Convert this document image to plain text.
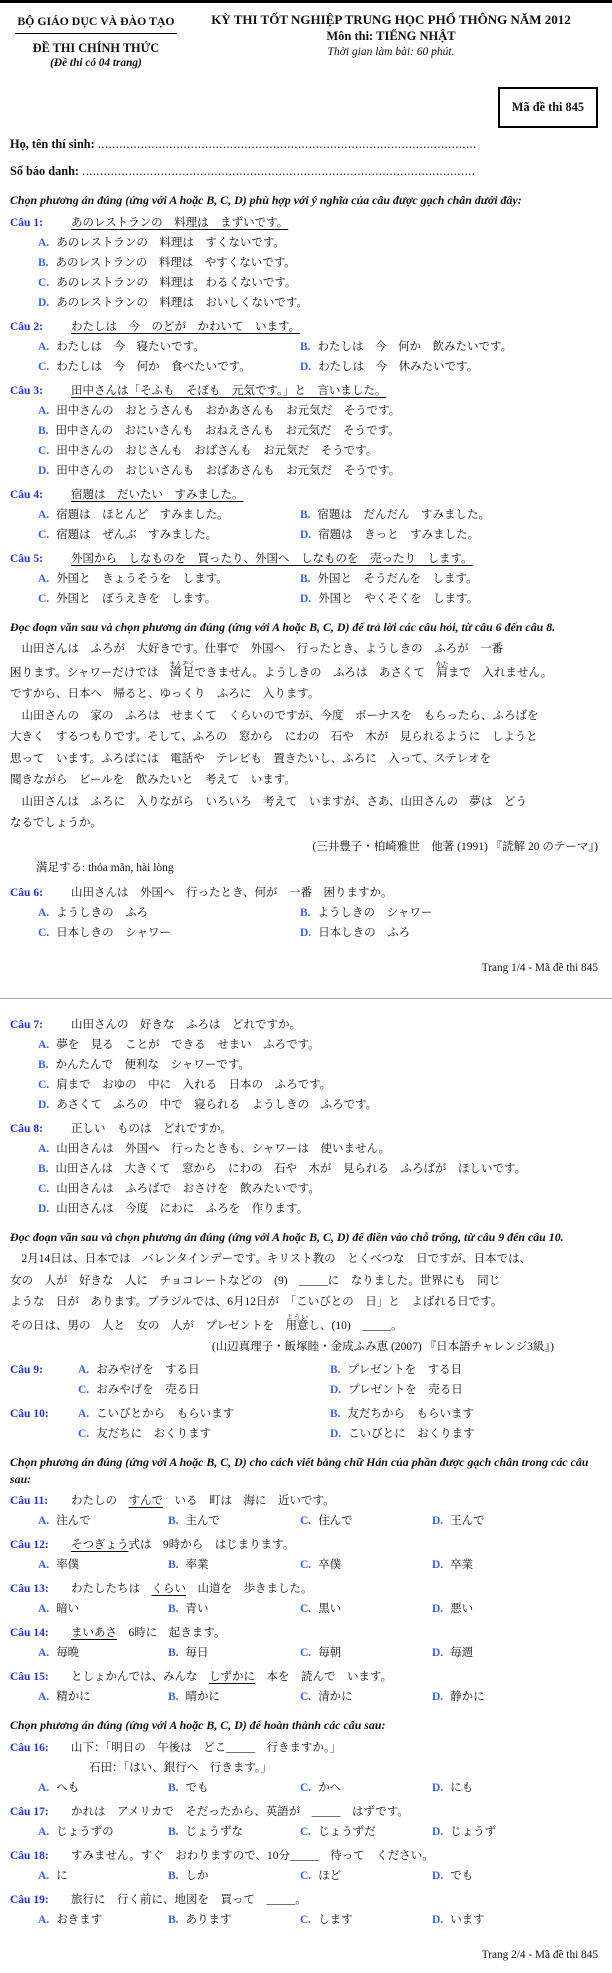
BỘ GIÁO DỤC VÀ ĐÀO TẠO
ĐỀ THI CHÍNH THỨC
(Đề thi có 04 trang)
KỲ THI TỐT NGHIỆP TRUNG HỌC PHỔ THÔNG NĂM 2012
Môn thi: TIẾNG NHẬT
Thời gian làm bài: 60 phút.
Mã đề thi 845
Họ, tên thí sinh: ..........................................................................................................
Số báo danh: ..............................................................................................................
Chọn phương án đúng (ứng với A hoặc B, C, D) phù hợp với ý nghĩa của câu được gạch chân dưới đây:
Câu 1: あのレストランの　料理は　まずいです。
A. あのレストランの　料理は　すくないです。
B. あのレストランの　料理は　やすくないです。
C. あのレストランの　料理は　わるくないです。
D. あのレストランの　料理は　おいしくないです。
Câu 2: わたしは　今　のどが　かわいて　います。
A. わたしは　今　寝たいです。	B. わたしは　今　何か　飲みたいです。
C. わたしは　今　何か　食べたいです。	D. わたしは　今　休みたいです。
Câu 3: 田中さんは「そふも　そぼも　元気です。」と　言いました。
A. 田中さんの　おとうさんも　おかあさんも　お元気だ　そうです。
B. 田中さんの　おにいさんも　おねえさんも　お元気だ　そうです。
C. 田中さんの　おじさんも　おばさんも　お元気だ　そうです。
D. 田中さんの　おじいさんも　おばあさんも　お元気だ　そうです。
Câu 4: 宿題は　だいたい　すみました。
A. 宿題は　ほとんど　すみました。	B. 宿題は　だんだん　すみました。
C. 宿題は　ぜんぶ　すみました。	D. 宿題は　きっと　すみました。
Câu 5: 外国から　しなものを　買ったり、外国へ　しなものを　売ったり　します。
A. 外国と　きょうそうを　します。	B. 外国と　そうだんを　します。
C. 外国と　ぼうえきを　します。	D. 外国と　やくそくを　します。
Đọc đoạn văn sau và chọn phương án đúng (ứng với A hoặc B, C, D) để trả lời các câu hỏi, từ câu 6 đến câu 8.
　山田さんは　ふろが　大好きです。仕事で　外国へ　行ったとき、ようしきの　ふろが　一番
困ります。シャワーだけでは　満足まんぞくできません。ようしきの　ふろは　あさくて　肩かたまで　入れません。
ですから、日本へ　帰ると、ゆっくり　ふろに　入ります。
　山田さんの　家の　ふろは　せまくて　くらいのですが、今度　ボーナスを　もらったら、ふろばを
大きく　するつもりです。そして、ふろの　窓から　にわの　石や　木が　見られるように　しようと
思って　います。ふろばには　電話や　テレビも　置きたいし、ふろに　入って、ステレオを
聞きながら　ビールを　飲みたいと　考えて　います。
　山田さんは　ふろに　入りながら　いろいろ　考えて　いますが、さあ、山田さんの　夢は　どう
なるでしょうか。
(三井豊子・柏崎雅世　他著 (1991) 『読解 20 のテーマ』)
満足する: thỏa mãn, hài lòng
Câu 6: 山田さんは　外国へ　行ったとき、何が　一番　困りますか。
A. ようしきの　ふろ	B. ようしきの　シャワー
C. 日本しきの　シャワー	D. 日本しきの　ふろ
Trang 1/4 - Mã đề thi 845
Câu 7: 山田さんの　好きな　ふろは　どれですか。
A. 夢を　見る　ことが　できる　せまい　ふろです。
B. かんたんで　便利な　シャワーです。
C. 肩まで　おゆの　中に　入れる　日本の　ふろです。
D. あさくて　ふろの　中で　寝られる　ようしきの　ふろです。
Câu 8: 正しい　ものは　どれですか。
A. 山田さんは　外国へ　行ったときも、シャワーは　使いません。
B. 山田さんは　大きくて　窓から　にわの　石や　木が　見られる　ふろばが　ほしいです。
C. 山田さんは　ふろばで　おさけを　飲みたいです。
D. 山田さんは　今度　にわに　ふろを　作ります。
Đọc đoạn văn sau và chọn phương án đúng (ứng với A hoặc B, C, D) để điền vào chỗ trống, từ câu 9 đến câu 10.
　2月14日は、日本では　バレンタインデーです。キリスト教の　とくべつな　日ですが、日本では、
女の　人が　好きな　人に　チョコレートなどの　(9)　_____に　なりました。世界にも　同じ
ような　日が　あります。ブラジルでは、6月12日が　「こいびとの　日」と　よばれる日です。
その日は、男の　人と　女の　人が　プレゼントを　用意よういし、(10)　_____。
(山辺真理子・飯塚睦・金成ふみ恵 (2007) 『日本語チャレンジ3級』)
Câu 9:	A. おみやげを　する日	B. プレゼントを　する日
C. おみやげを　売る日	D. プレゼントを　売る日
Câu 10:	A. こいびとから　もらいます	B. 友だちから　もらいます
C. 友だちに　おくります	D. こいびとに　おくります
Chọn phương án đúng (ứng với A hoặc B, C, D) cho cách viết bằng chữ Hán của phần được gạch chân trong các câu sau:
Câu 11: わたしの　すんで　いる　町は　海に　近いです。
A. 注んで	B. 主んで	C. 住んで	D. 王んで
Câu 12: そつぎょう式は　9時から　はじまります。
A. 率僕	B. 率業	C. 卒僕	D. 卒業
Câu 13: わたしたちは　くらい　山道を　歩きました。
A. 暗い	B. 青い	C. 黒い	D. 悪い
Câu 14: まいあさ　6時に　起きます。
A. 毎晩	B. 毎日	C. 毎朝	D. 毎週
Câu 15: としょかんでは、みんな　しずかに　本を　読んで　います。
A. 精かに	B. 晴かに	C. 清かに	D. 静かに
Chọn phương án đúng (ứng với A hoặc B, C, D) để hoàn thành các câu sau:
Câu 16: 山下：「明日の　午後は　どこ_____　行きますか。」
石田：「はい、銀行へ　行きます。」
A. へも	B. でも	C. かへ	D. にも
Câu 17: かれは　アメリカで　そだったから、英語が　_____　はずです。
A. じょうずの	B. じょうずな	C. じょうずだ	D. じょうず
Câu 18: すみません。すぐ　おわりますので、10分_____　待って　ください。
A. に	B. しか	C. ほど	D. でも
Câu 19: 旅行に　行く前に、地図を　買って　_____。
A. おきます	B. あります	C. します	D. います
Trang 2/4 - Mã đề thi 845
